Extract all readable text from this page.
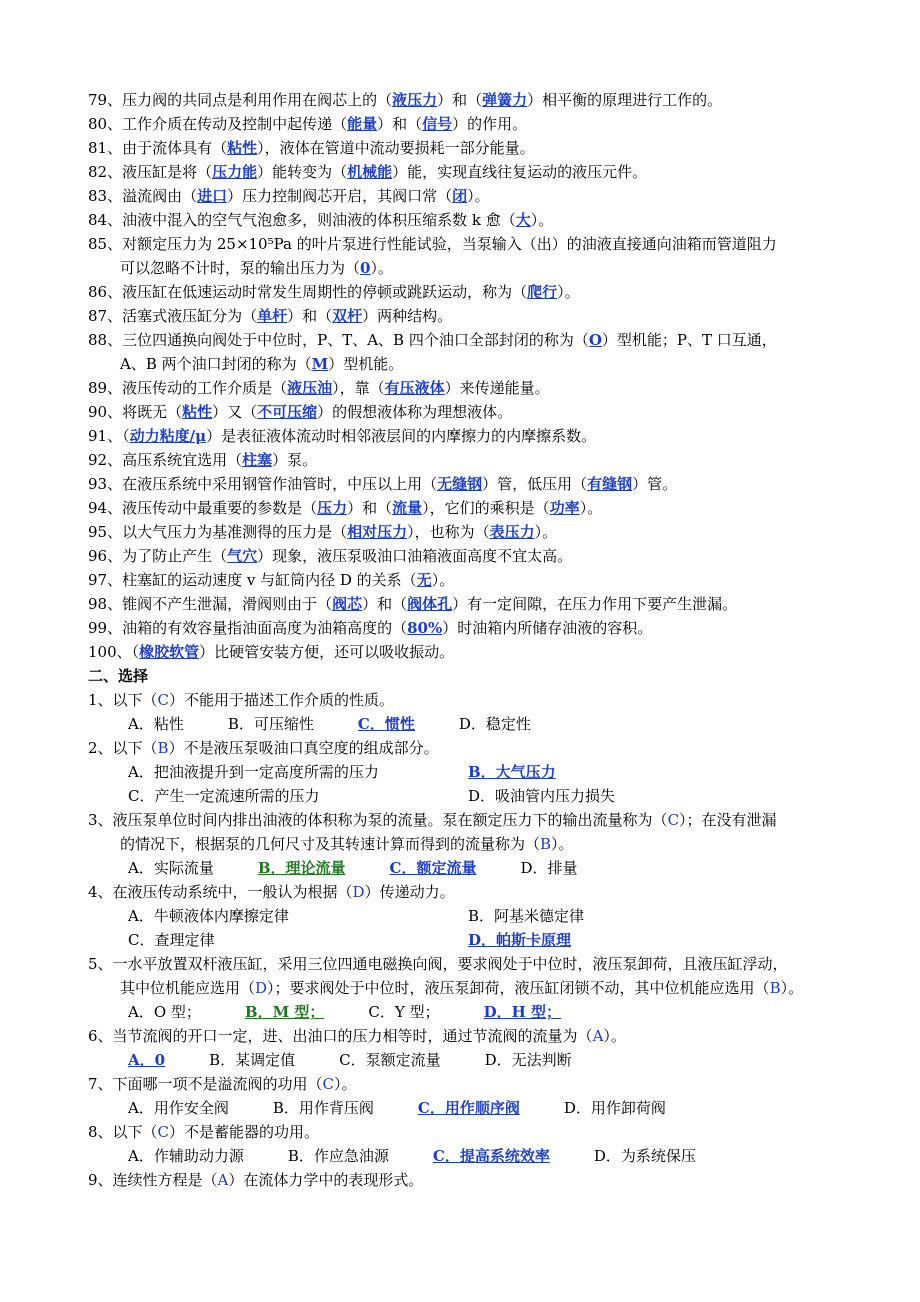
79、压力阀的共同点是利用作用在阀芯上的（液压力）和（弹簧力）相平衡的原理进行工作的。
80、工作介质在传动及控制中起传递（能量）和（信号）的作用。
81、由于流体具有（粘性），液体在管道中流动要损耗一部分能量。
82、液压缸是将（压力能）能转变为（机械能）能，实现直线往复运动的液压元件。
83、溢流阀由（进口）压力控制阀芯开启，其阀口常（闭）。
84、油液中混入的空气气泡愈多，则油液的体积压缩系数 k 愈（大）。
85、对额定压力为 25×10⁵Pa 的叶片泵进行性能试验，当泵输入（出）的油液直接通向油箱而管道阻力
可以忽略不计时，泵的输出压力为（0）。
86、液压缸在低速运动时常发生周期性的停顿或跳跃运动，称为（爬行）。
87、活塞式液压缸分为（单杆）和（双杆）两种结构。
88、三位四通换向阀处于中位时，P、T、A、B 四个油口全部封闭的称为（O）型机能；P、T 口互通，
A、B 两个油口封闭的称为（M）型机能。
89、液压传动的工作介质是（液压油），靠（有压液体）来传递能量。
90、将既无（粘性）又（不可压缩）的假想液体称为理想液体。
91、（动力粘度/μ）是表征液体流动时相邻液层间的内摩擦力的内摩擦系数。
92、高压系统宜选用（柱塞）泵。
93、在液压系统中采用钢管作油管时，中压以上用（无缝钢）管，低压用（有缝钢）管。
94、液压传动中最重要的参数是（压力）和（流量），它们的乘积是（功率）。
95、以大气压力为基准测得的压力是（相对压力），也称为（表压力）。
96、为了防止产生（气穴）现象，液压泵吸油口油箱液面高度不宜太高。
97、柱塞缸的运动速度 v 与缸筒内径 D 的关系（无）。
98、锥阀不产生泄漏，滑阀则由于（阀芯）和（阀体孔）有一定间隙，在压力作用下要产生泄漏。
99、油箱的有效容量指油面高度为油箱高度的（80%）时油箱内所储存油液的容积。
100、（橡胶软管）比硬管安装方便，还可以吸收振动。
二、选择
1、以下（C）不能用于描述工作介质的性质。
A．粘性	B．可压缩性	C．惯性	D．稳定性
2、以下（B）不是液压泵吸油口真空度的组成部分。
A．把油液提升到一定高度所需的压力	B．大气压力
C．产生一定流速所需的压力	D．吸油管内压力损失
3、液压泵单位时间内排出油液的体积称为泵的流量。泵在额定压力下的输出流量称为（C）；在没有泄漏
的情况下，根据泵的几何尺寸及其转速计算而得到的流量称为（B）。
A．实际流量	B．理论流量	C．额定流量	D．排量
4、在液压传动系统中，一般认为根据（D）传递动力。
A．牛顿液体内摩擦定律	B．阿基米德定律
C．查理定律	D．帕斯卡原理
5、一水平放置双杆液压缸，采用三位四通电磁换向阀，要求阀处于中位时，液压泵卸荷，且液压缸浮动，
其中位机能应选用（D）；要求阀处于中位时，液压泵卸荷，液压缸闭锁不动，其中位机能应选用（B）。
A．O 型；	B．M 型；	C．Y 型；	D．H 型；
6、当节流阀的开口一定，进、出油口的压力相等时，通过节流阀的流量为（A）。
A．0	B．某调定值	C．泵额定流量	D．无法判断
7、下面哪一项不是溢流阀的功用（C）。
A．用作安全阀	B．用作背压阀	C．用作顺序阀	D．用作卸荷阀
8、以下（C）不是蓄能器的功用。
A．作辅助动力源	B．作应急油源	C．提高系统效率	D．为系统保压
9、连续性方程是（A）在流体力学中的表现形式。
